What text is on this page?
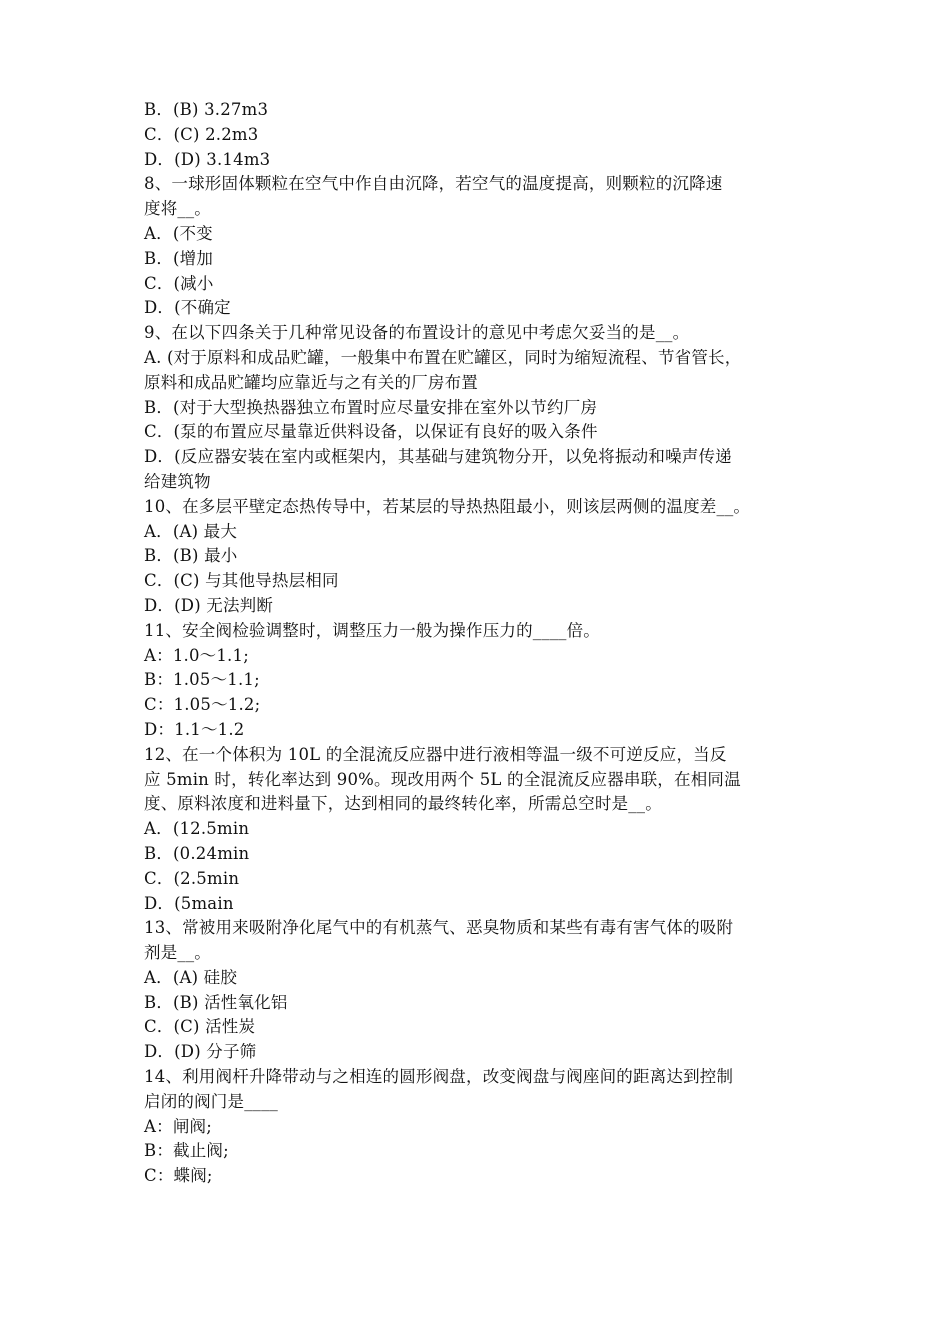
B．(B) 3.27m3
C．(C) 2.2m3
D．(D) 3.14m3
8、一球形固体颗粒在空气中作自由沉降，若空气的温度提高，则颗粒的沉降速
度将__。
A．(不变
B．(增加
C．(减小
D．(不确定
9、在以下四条关于几种常见设备的布置设计的意见中考虑欠妥当的是__。
A. (对于原料和成品贮罐，一般集中布置在贮罐区，同时为缩短流程、节省管长，
原料和成品贮罐均应靠近与之有关的厂房布置
B．(对于大型换热器独立布置时应尽量安排在室外以节约厂房
C．(泵的布置应尽量靠近供料设备，以保证有良好的吸入条件
D．(反应器安装在室内或框架内，其基础与建筑物分开，以免将振动和噪声传递
给建筑物
10、在多层平壁定态热传导中，若某层的导热热阻最小，则该层两侧的温度差__。
A．(A) 最大
B．(B) 最小
C．(C) 与其他导热层相同
D．(D) 无法判断
11、安全阀检验调整时，调整压力一般为操作压力的____倍。
A：1.0～1.1;
B：1.05～1.1;
C：1.05～1.2;
D：1.1～1.2
12、在一个体积为 10L 的全混流反应器中进行液相等温一级不可逆反应，当反
应 5min 时，转化率达到 90%。现改用两个 5L 的全混流反应器串联，在相同温
度、原料浓度和进料量下，达到相同的最终转化率，所需总空时是__。
A．(12.5min
B．(0.24min
C．(2.5min
D．(5main
13、常被用来吸附净化尾气中的有机蒸气、恶臭物质和某些有毒有害气体的吸附
剂是__。
A．(A) 硅胶
B．(B) 活性氧化铝
C．(C) 活性炭
D．(D) 分子筛
14、利用阀杆升降带动与之相连的圆形阀盘，改变阀盘与阀座间的距离达到控制
启闭的阀门是____
A：闸阀;
B：截止阀;
C：蝶阀;
